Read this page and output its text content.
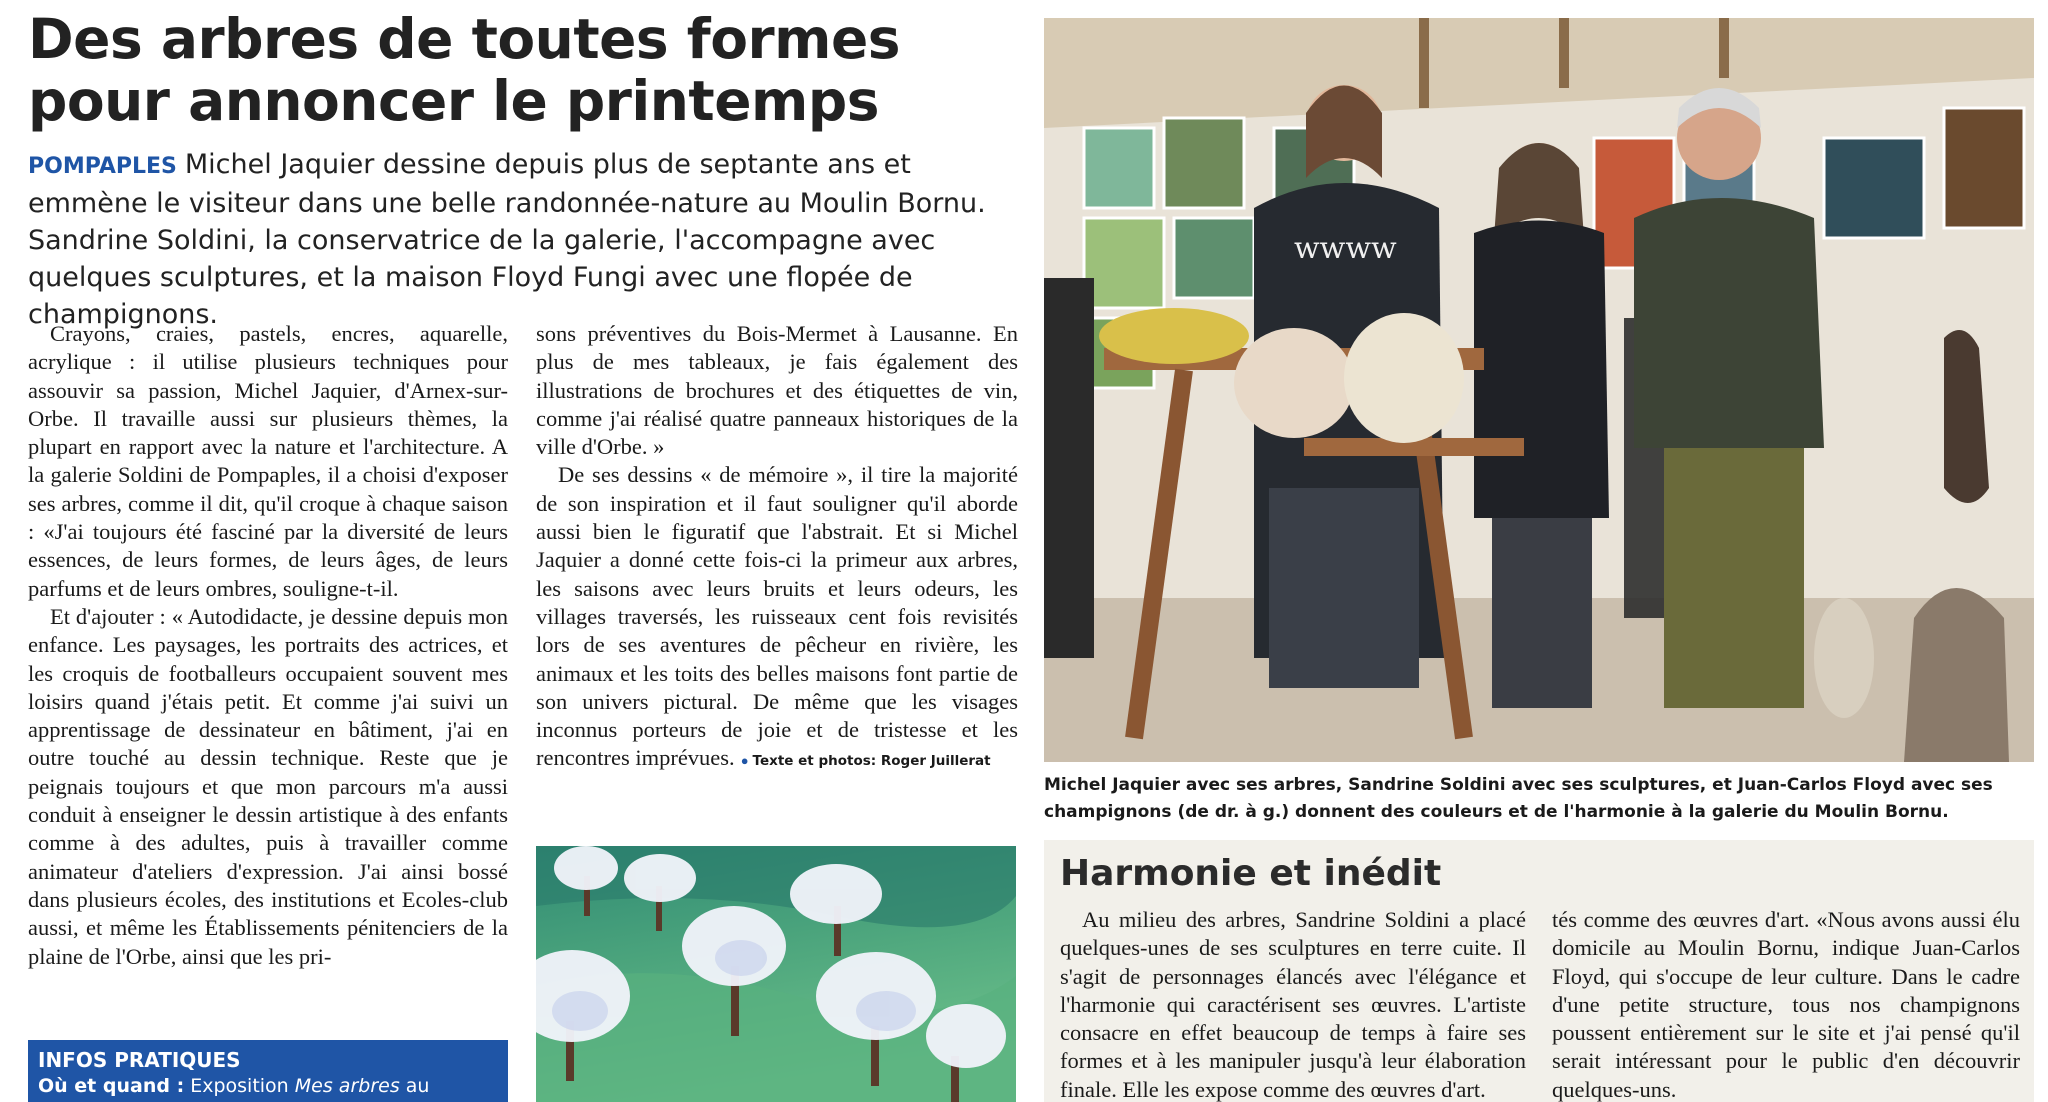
Des arbres de toutes formes
pour annoncer le printemps
POMPAPLES Michel Jaquier dessine depuis plus de septante ans et emmène le visiteur dans une belle randonnée-nature au Moulin Bornu. Sandrine Soldini, la conservatrice de la galerie, l'accompagne avec quelques sculptures, et la maison Floyd Fungi avec une flopée de champignons.

Crayons, craies, pastels, encres, aquarelle, acrylique : il utilise plusieurs techniques pour assouvir sa passion, Michel Jaquier, d'Arnex-sur-Orbe. Il travaille aussi sur plusieurs thèmes, la plupart en rapport avec la nature et l'architecture. A la galerie Soldini de Pompaples, il a choisi d'exposer ses arbres, comme il dit, qu'il croque à chaque saison : «J'ai toujours été fasciné par la diversité de leurs essences, de leurs formes, de leurs âges, de leurs parfums et de leurs ombres, souligne-t-il.

Et d'ajouter : « Autodidacte, je dessine depuis mon enfance. Les paysages, les portraits des actrices, et les croquis de footballeurs occupaient souvent mes loisirs quand j'étais petit. Et comme j'ai suivi un apprentissage de dessinateur en bâtiment, j'ai en outre touché au dessin technique. Reste que je peignais toujours et que mon parcours m'a aussi conduit à enseigner le dessin artistique à des enfants comme à des adultes, puis à travailler comme animateur d'ateliers d'expression. J'ai ainsi bossé dans plusieurs écoles, des institutions et Ecoles-club aussi, et même les Établissements pénitenciers de la plaine de l'Orbe, ainsi que les pri-

sons préventives du Bois-Mermet à Lausanne. En plus de mes tableaux, je fais également des illustrations de brochures et des étiquettes de vin, comme j'ai réalisé quatre panneaux historiques de la ville d'Orbe. »

De ses dessins « de mémoire », il tire la majorité de son inspiration et il faut souligner qu'il aborde aussi bien le figuratif que l'abstrait. Et si Michel Jaquier a donné cette fois-ci la primeur aux arbres, les saisons avec leurs bruits et leurs odeurs, les villages traversés, les ruisseaux cent fois revisités lors de ses aventures de pêcheur en rivière, les animaux et les toits des belles maisons font partie de son univers pictural. De même que les visages inconnus porteurs de joie et de tristesse et les rencontres imprévues. ● Texte et photos: Roger Juillerat

INFOS PRATIQUES
Où et quand : Exposition Mes arbres au
wwww
Michel Jaquier avec ses arbres, Sandrine Soldini avec ses sculptures, et Juan-Carlos Floyd avec ses champignons (de dr. à g.) donnent des couleurs et de l'harmonie à la galerie du Moulin Bornu.
Harmonie et inédit

Au milieu des arbres, Sandrine Soldini a placé quelques-unes de ses sculptures en terre cuite. Il s'agit de personnages élancés avec l'élégance et l'harmonie qui caractérisent ses œuvres. L'artiste consacre en effet beaucoup de temps à faire ses formes et à les manipuler jusqu'à leur élaboration finale. Elle les expose comme des œuvres d'art.

tés comme des œuvres d'art. «Nous avons aussi élu domicile au Moulin Bornu, indique Juan-Carlos Floyd, qui s'occupe de leur culture. Dans le cadre d'une petite structure, tous nos champignons poussent entièrement sur le site et j'ai pensé qu'il serait intéressant pour le public d'en découvrir quelques-uns.
